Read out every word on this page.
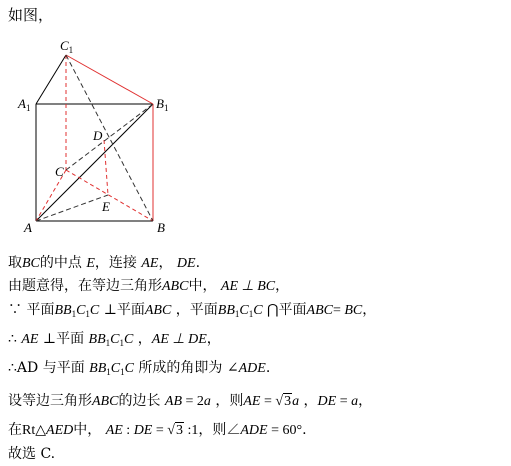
如图，
$C_1$
$A_1$	$B_1$
D
C
E
A	B
取BC的中点 E，连接 AE， DE.
由题意得，在等边三角形ABC中， AE ⊥ BC，
∵ 平面$BB_1C_1C$ ⊥平面ABC ，平面$BB_1C_1C$ ⋂平面ABC= BC，
∴ AE ⊥平面 $BB_1C_1C$ ，AE ⊥ DE，
∴AD 与平面 $BB_1C_1C$ 所成的角即为 ∠ADE.
设等边三角形ABC的边长 AB = 2a ，则AE = √3a ，DE = a，
在Rt△AED中， AE : DE = √3 :1，则∠ADE = 60°.
故选 C.
